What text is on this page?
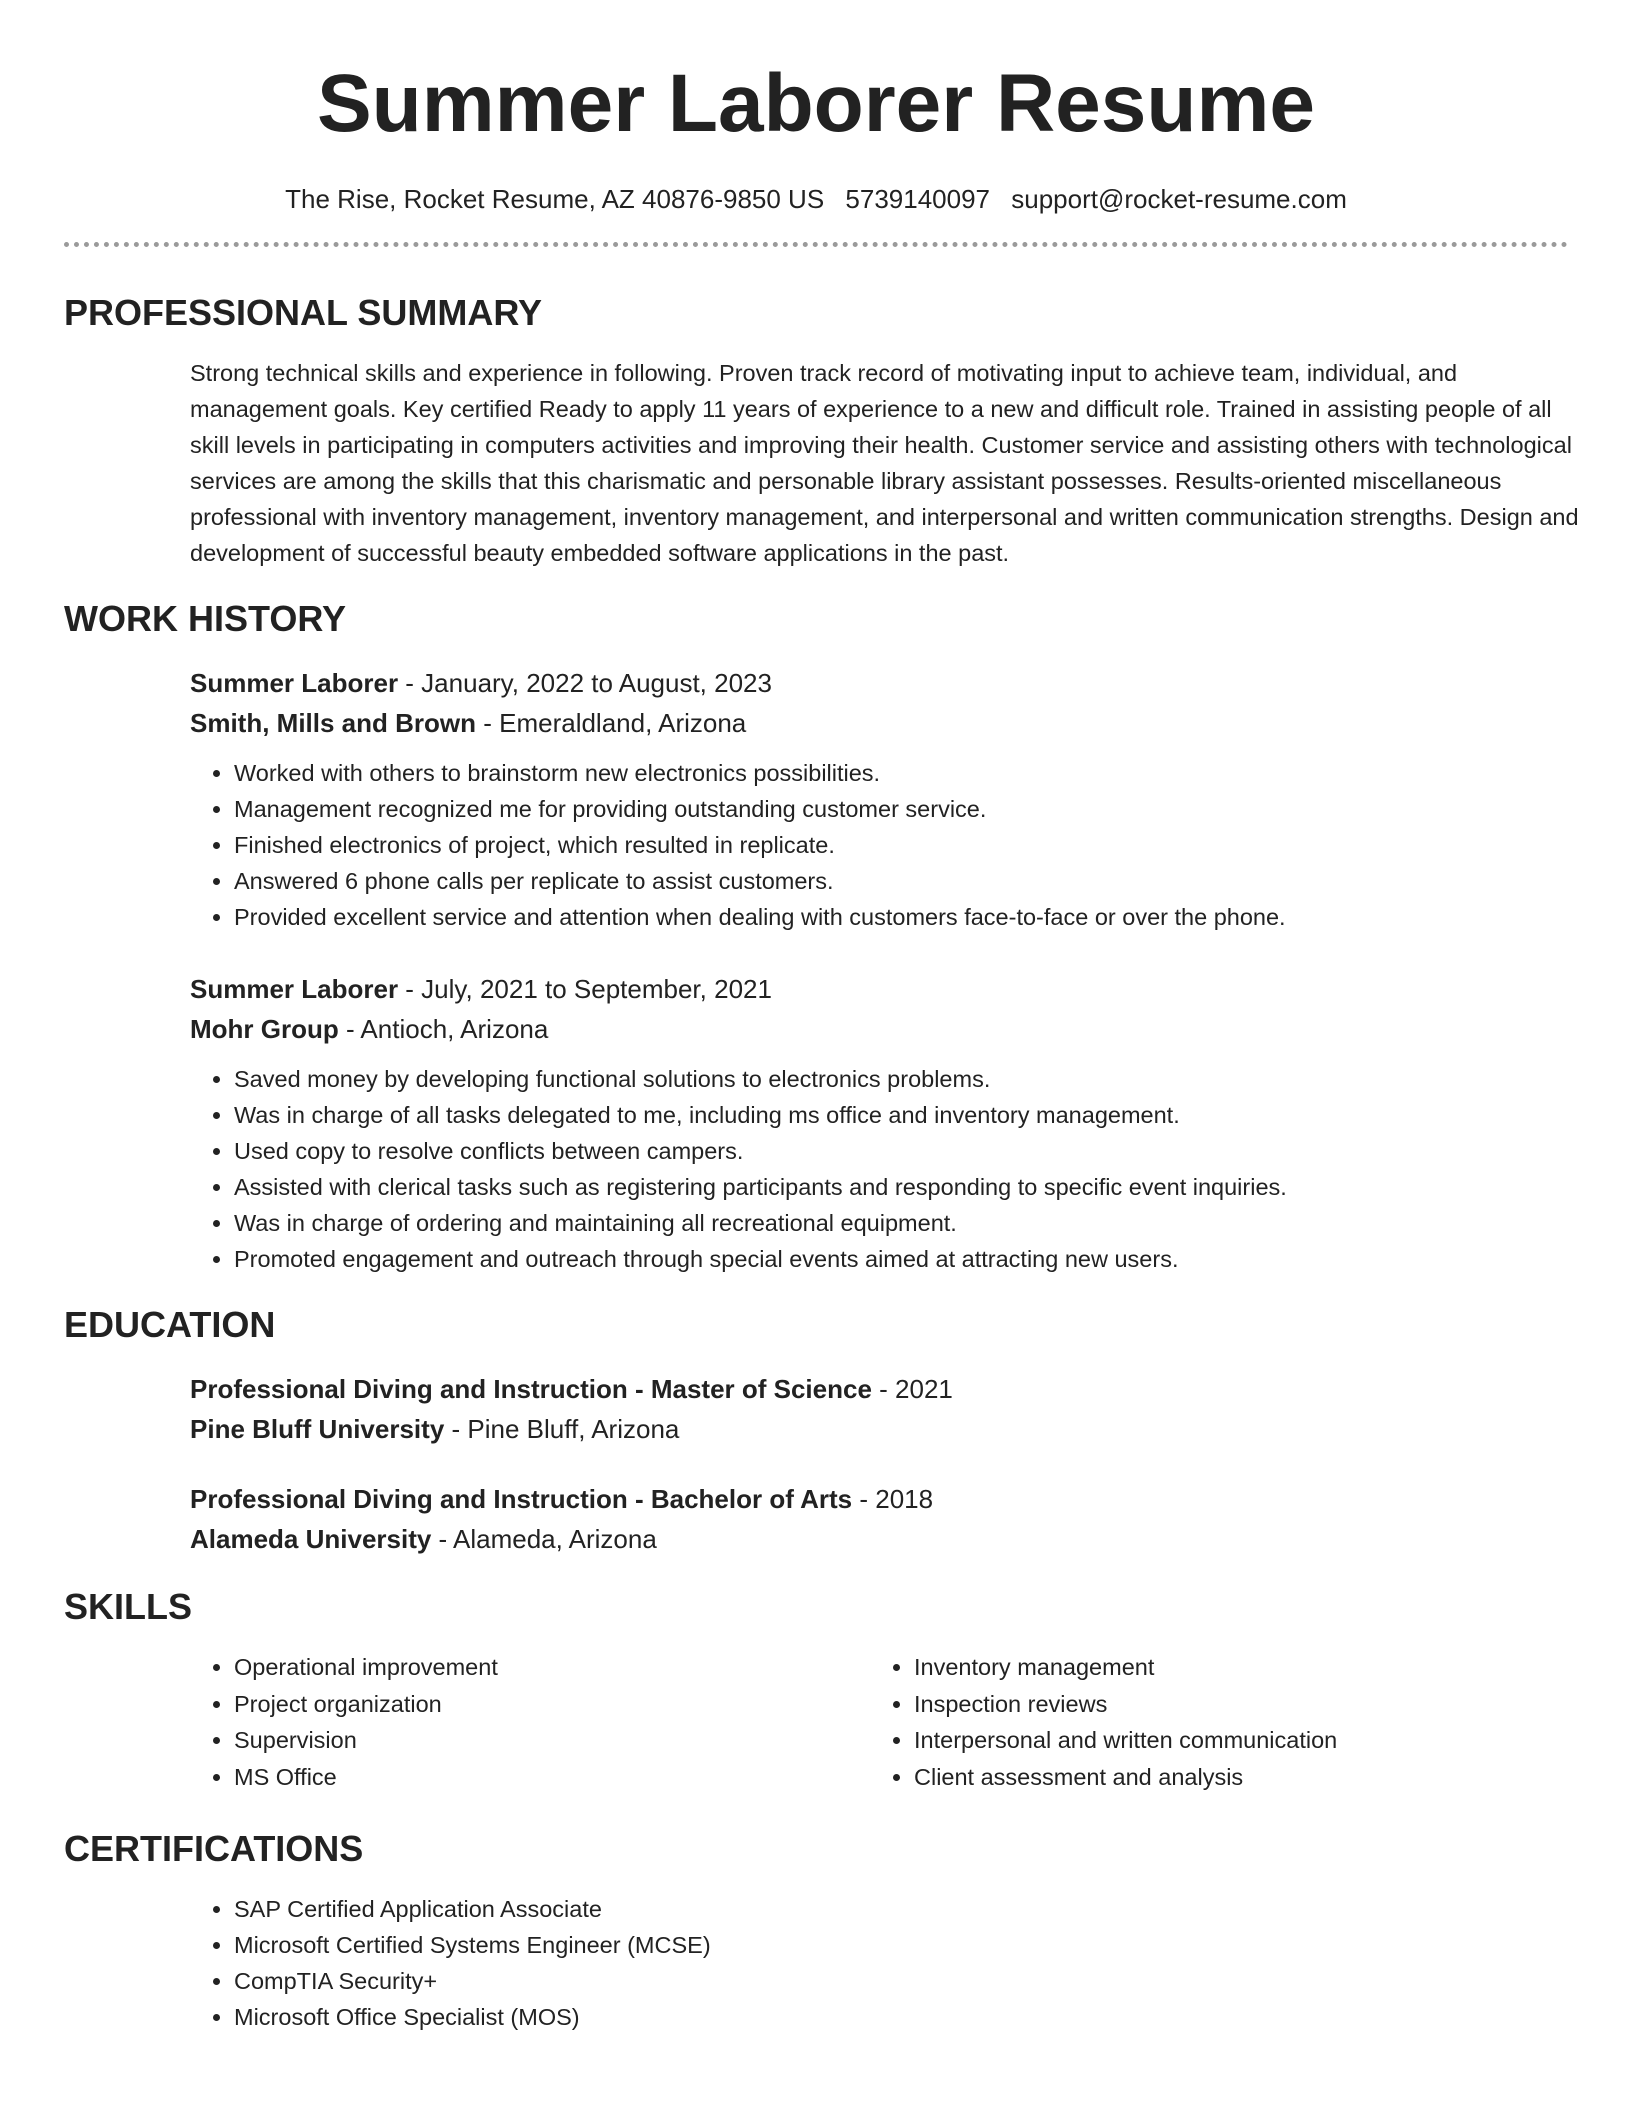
Summer Laborer Resume
The Rise, Rocket Resume, AZ 40876-9850 US 5739140097 support@rocket-resume.com
PROFESSIONAL SUMMARY
Strong technical skills and experience in following. Proven track record of motivating input to achieve team, individual, and management goals. Key certified Ready to apply 11 years of experience to a new and difficult role. Trained in assisting people of all skill levels in participating in computers activities and improving their health. Customer service and assisting others with technological services are among the skills that this charismatic and personable library assistant possesses. Results-oriented miscellaneous professional with inventory management, inventory management, and interpersonal and written communication strengths. Design and development of successful beauty embedded software applications in the past.
WORK HISTORY
Summer Laborer - January, 2022 to August, 2023
Smith, Mills and Brown - Emeraldland, Arizona
• Worked with others to brainstorm new electronics possibilities.
• Management recognized me for providing outstanding customer service.
• Finished electronics of project, which resulted in replicate.
• Answered 6 phone calls per replicate to assist customers.
• Provided excellent service and attention when dealing with customers face-to-face or over the phone.
Summer Laborer - July, 2021 to September, 2021
Mohr Group - Antioch, Arizona
• Saved money by developing functional solutions to electronics problems.
• Was in charge of all tasks delegated to me, including ms office and inventory management.
• Used copy to resolve conflicts between campers.
• Assisted with clerical tasks such as registering participants and responding to specific event inquiries.
• Was in charge of ordering and maintaining all recreational equipment.
• Promoted engagement and outreach through special events aimed at attracting new users.
EDUCATION
Professional Diving and Instruction - Master of Science - 2021
Pine Bluff University - Pine Bluff, Arizona
Professional Diving and Instruction - Bachelor of Arts - 2018
Alameda University - Alameda, Arizona
SKILLS
• Operational improvement
• Project organization
• Supervision
• MS Office
• Inventory management
• Inspection reviews
• Interpersonal and written communication
• Client assessment and analysis
CERTIFICATIONS
• SAP Certified Application Associate
• Microsoft Certified Systems Engineer (MCSE)
• CompTIA Security+
• Microsoft Office Specialist (MOS)
